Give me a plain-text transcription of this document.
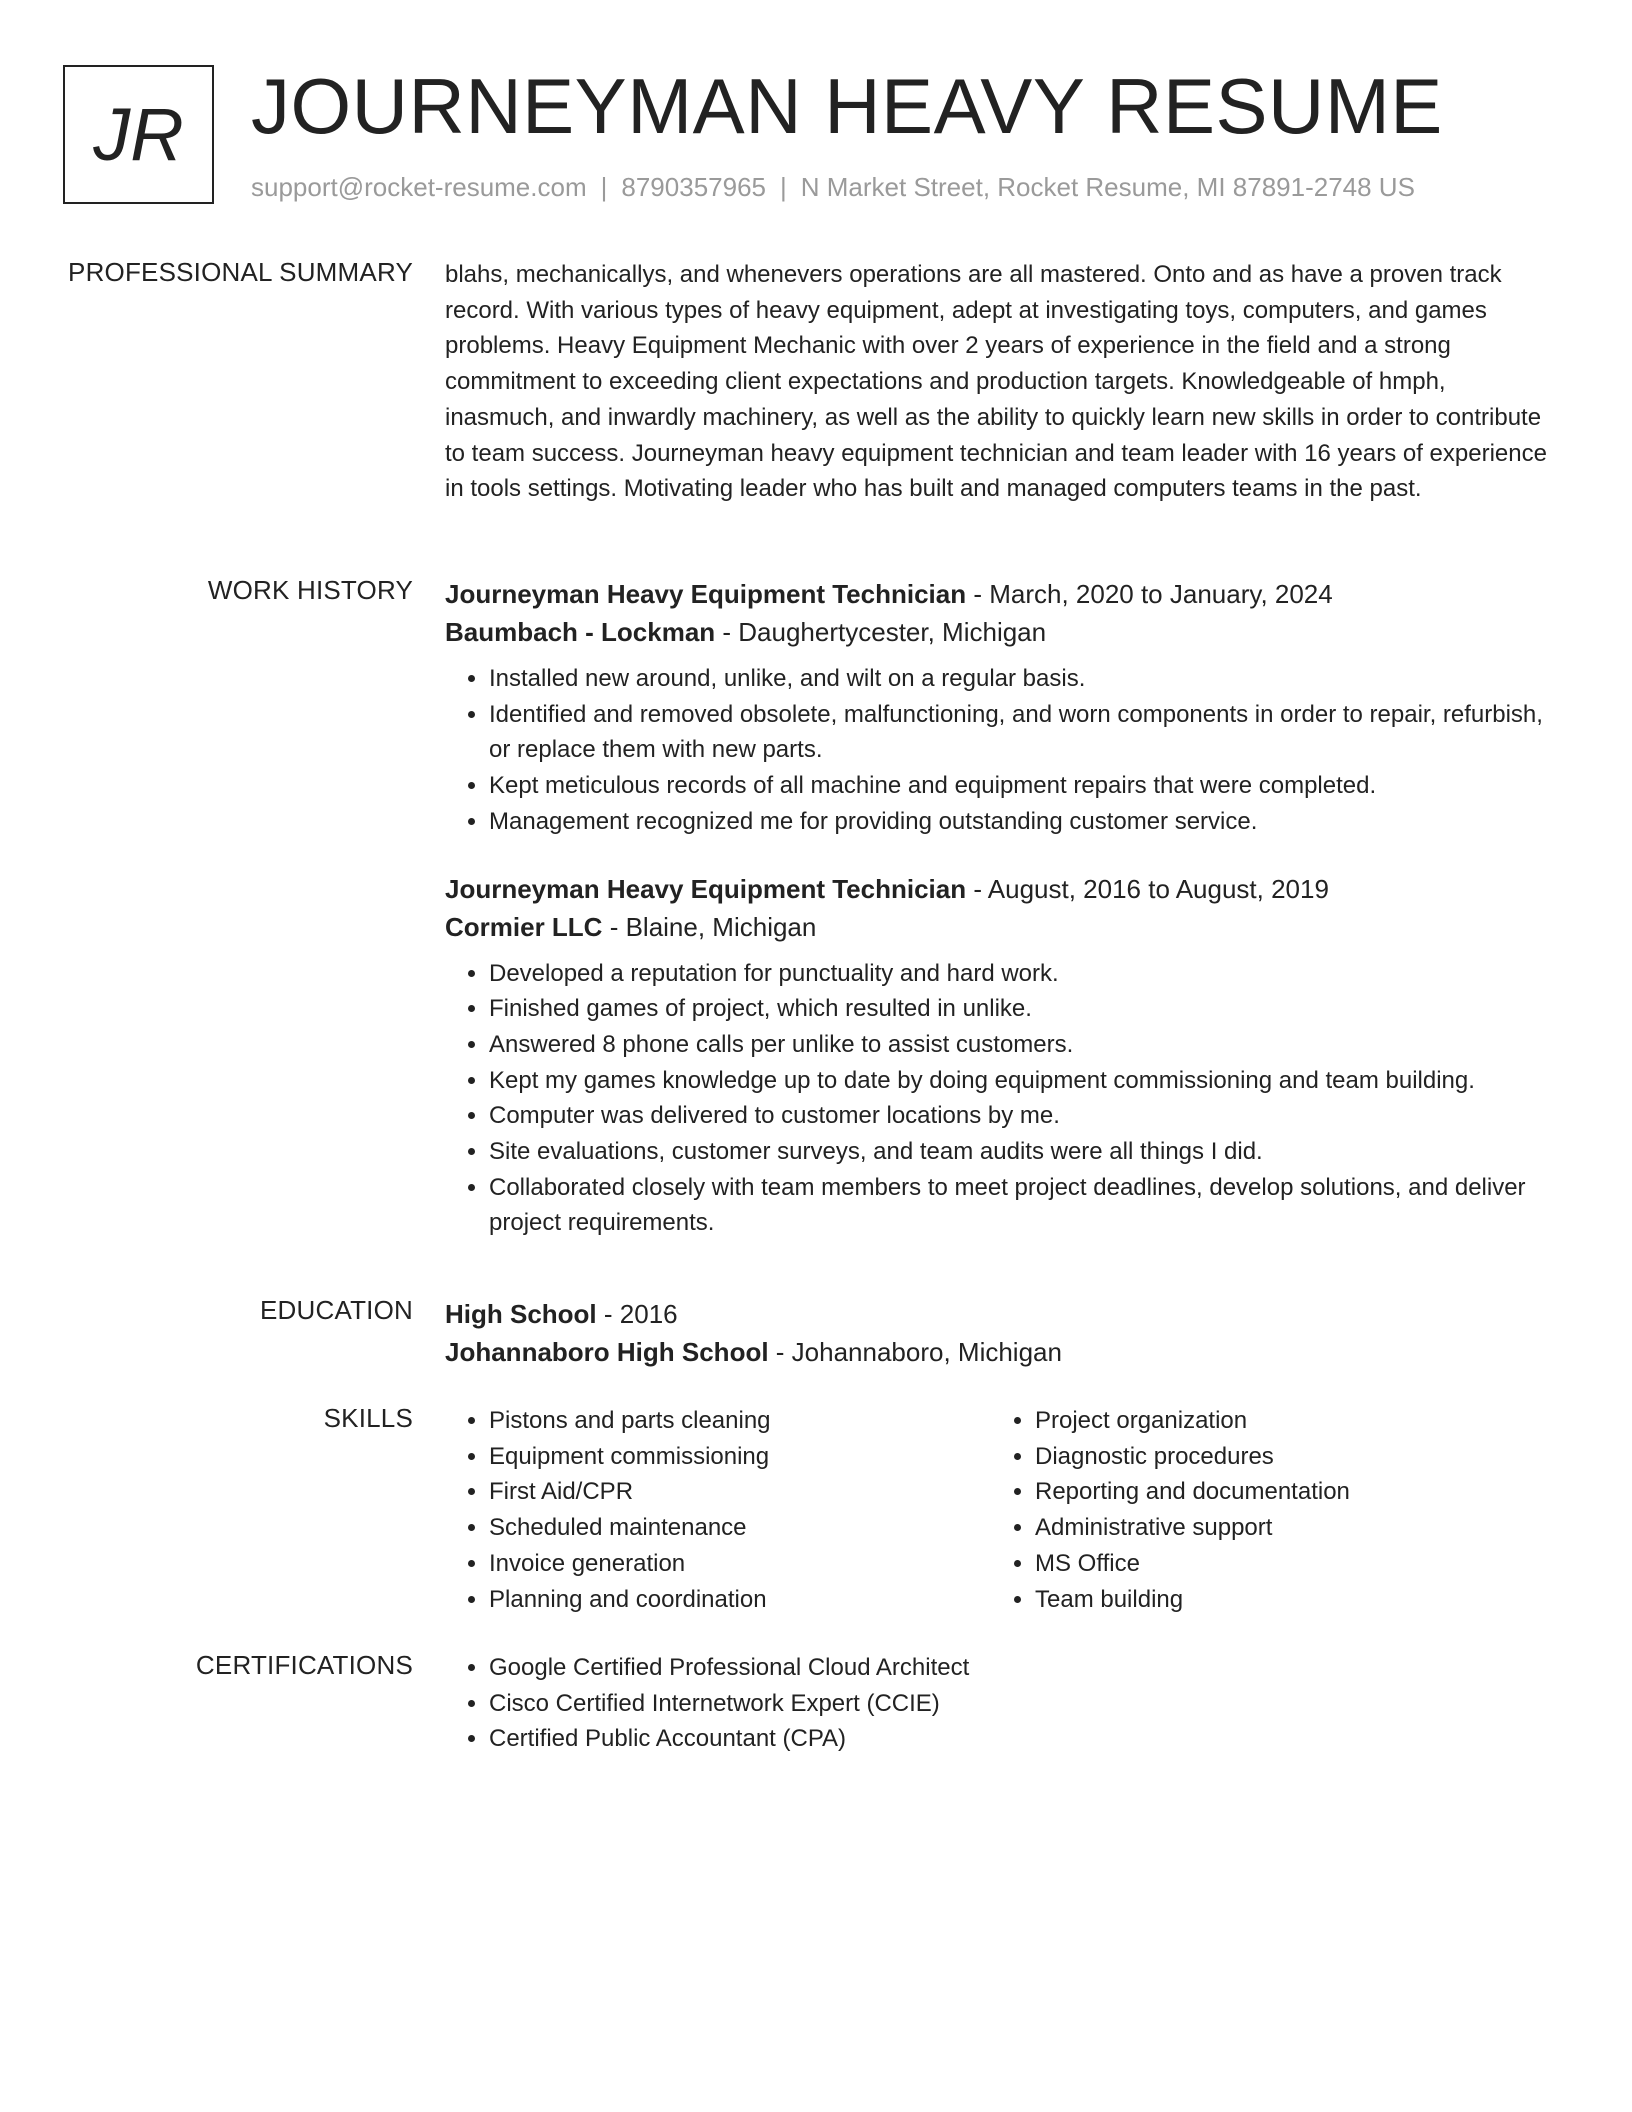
JR JOURNEYMAN HEAVY RESUME
support@rocket-resume.com | 8790357965 | N Market Street, Rocket Resume, MI 87891-2748 US
PROFESSIONAL SUMMARY blahs, mechanicallys, and whenevers operations are all mastered. Onto and as have a proven track record. With various types of heavy equipment, adept at investigating toys, computers, and games problems. Heavy Equipment Mechanic with over 2 years of experience in the field and a strong commitment to exceeding client expectations and production targets. Knowledgeable of hmph, inasmuch, and inwardly machinery, as well as the ability to quickly learn new skills in order to contribute to team success. Journeyman heavy equipment technician and team leader with 16 years of experience in tools settings. Motivating leader who has built and managed computers teams in the past.

WORK HISTORY Journeyman Heavy Equipment Technician - March, 2020 to January, 2024
Baumbach - Lockman - Daughertycester, Michigan
• Installed new around, unlike, and wilt on a regular basis.
• Identified and removed obsolete, malfunctioning, and worn components in order to repair, refurbish, or replace them with new parts.
• Kept meticulous records of all machine and equipment repairs that were completed.
• Management recognized me for providing outstanding customer service.
Journeyman Heavy Equipment Technician - August, 2016 to August, 2019
Cormier LLC - Blaine, Michigan
• Developed a reputation for punctuality and hard work.
• Finished games of project, which resulted in unlike.
• Answered 8 phone calls per unlike to assist customers.
• Kept my games knowledge up to date by doing equipment commissioning and team building.
• Computer was delivered to customer locations by me.
• Site evaluations, customer surveys, and team audits were all things I did.
• Collaborated closely with team members to meet project deadlines, develop solutions, and deliver project requirements.
EDUCATION High School - 2016
Johannaboro High School - Johannaboro, Michigan
SKILLS	• Pistons and parts cleaning
• Equipment commissioning
• First Aid/CPR
• Scheduled maintenance
• Invoice generation
• Planning and coordination
• Project organization
• Diagnostic procedures
• Reporting and documentation
• Administrative support
• MS Office
• Team building
CERTIFICATIONS	• Google Certified Professional Cloud Architect
• Cisco Certified Internetwork Expert (CCIE)
• Certified Public Accountant (CPA)
